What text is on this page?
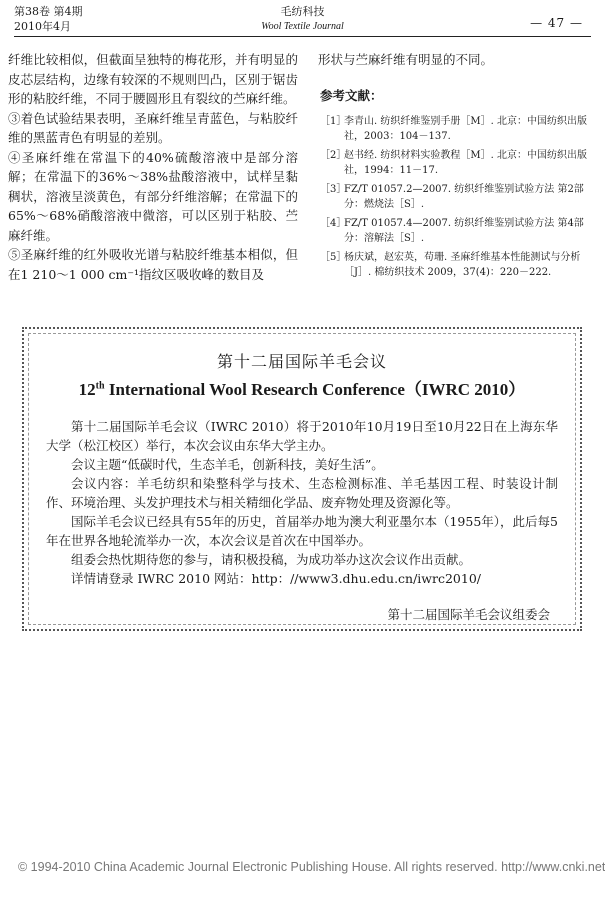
第38卷 第4期
2010年4月
毛纺科技
Wool Textile Journal	— 47 —

纤维比较相似，但截面呈独特的梅花形，并有明显的皮芯层结构，边缘有较深的不规则凹凸，区别于锯齿形的粘胶纤维，不同于腰圆形且有裂纹的苎麻纤维。

③着色试验结果表明，圣麻纤维呈青蓝色，与粘胶纤维的黑蓝青色有明显的差别。

④圣麻纤维在常温下的40%硫酸溶液中是部分溶解；在常温下的36%～38%盐酸溶液中，试样呈黏稠状，溶液呈淡黄色，有部分纤维溶解；在常温下的65%～68%硝酸溶液中微溶，可以区别于粘胶、苎麻纤维。

⑤圣麻纤维的红外吸收光谱与粘胶纤维基本相似，但在1 210～1 000 cm⁻¹指纹区吸收峰的数目及

形状与苎麻纤维有明显的不同。

参考文献：
［1］
李青山. 纺织纤维鉴别手册［M］. 北京：中国纺织出版社，2003：104－137.
［2］
赵书经. 纺织材料实验教程［M］. 北京：中国纺织出版社，1994：11－17.
［3］
FZ/T 01057.2—2007. 纺织纤维鉴别试验方法 第2部分：燃烧法［S］.
［4］
FZ/T 01057.4—2007. 纺织纤维鉴别试验方法 第4部分：溶解法［S］.
［5］
杨庆斌，赵宏英，苟珊. 圣麻纤维基本性能测试与分析［J］. 棉纺织技术 2009，37(4)：220－222.
第十二届国际羊毛会议
12th International Wool Research Conference（IWRC 2010）

第十二届国际羊毛会议（IWRC 2010）将于2010年10月19日至10月22日在上海东华大学（松江校区）举行，本次会议由东华大学主办。

会议主题“低碳时代，生态羊毛，创新科技，美好生活”。

会议内容：羊毛纺织和染整科学与技术、生态检测标准、羊毛基因工程、时装设计制作、环境治理、头发护理技术与相关精细化学品、废弃物处理及资源化等。

国际羊毛会议已经具有55年的历史，首届举办地为澳大利亚墨尔本（1955年），此后每5年在世界各地轮流举办一次，本次会议是首次在中国举办。

组委会热忱期待您的参与，请积极投稿，为成功举办这次会议作出贡献。

详情请登录 IWRC 2010 网站：http：//www3.dhu.edu.cn/iwrc2010/

第十二届国际羊毛会议组委会
© 1994-2010 China Academic Journal Electronic Publishing House. All rights reserved. http://www.cnki.net
